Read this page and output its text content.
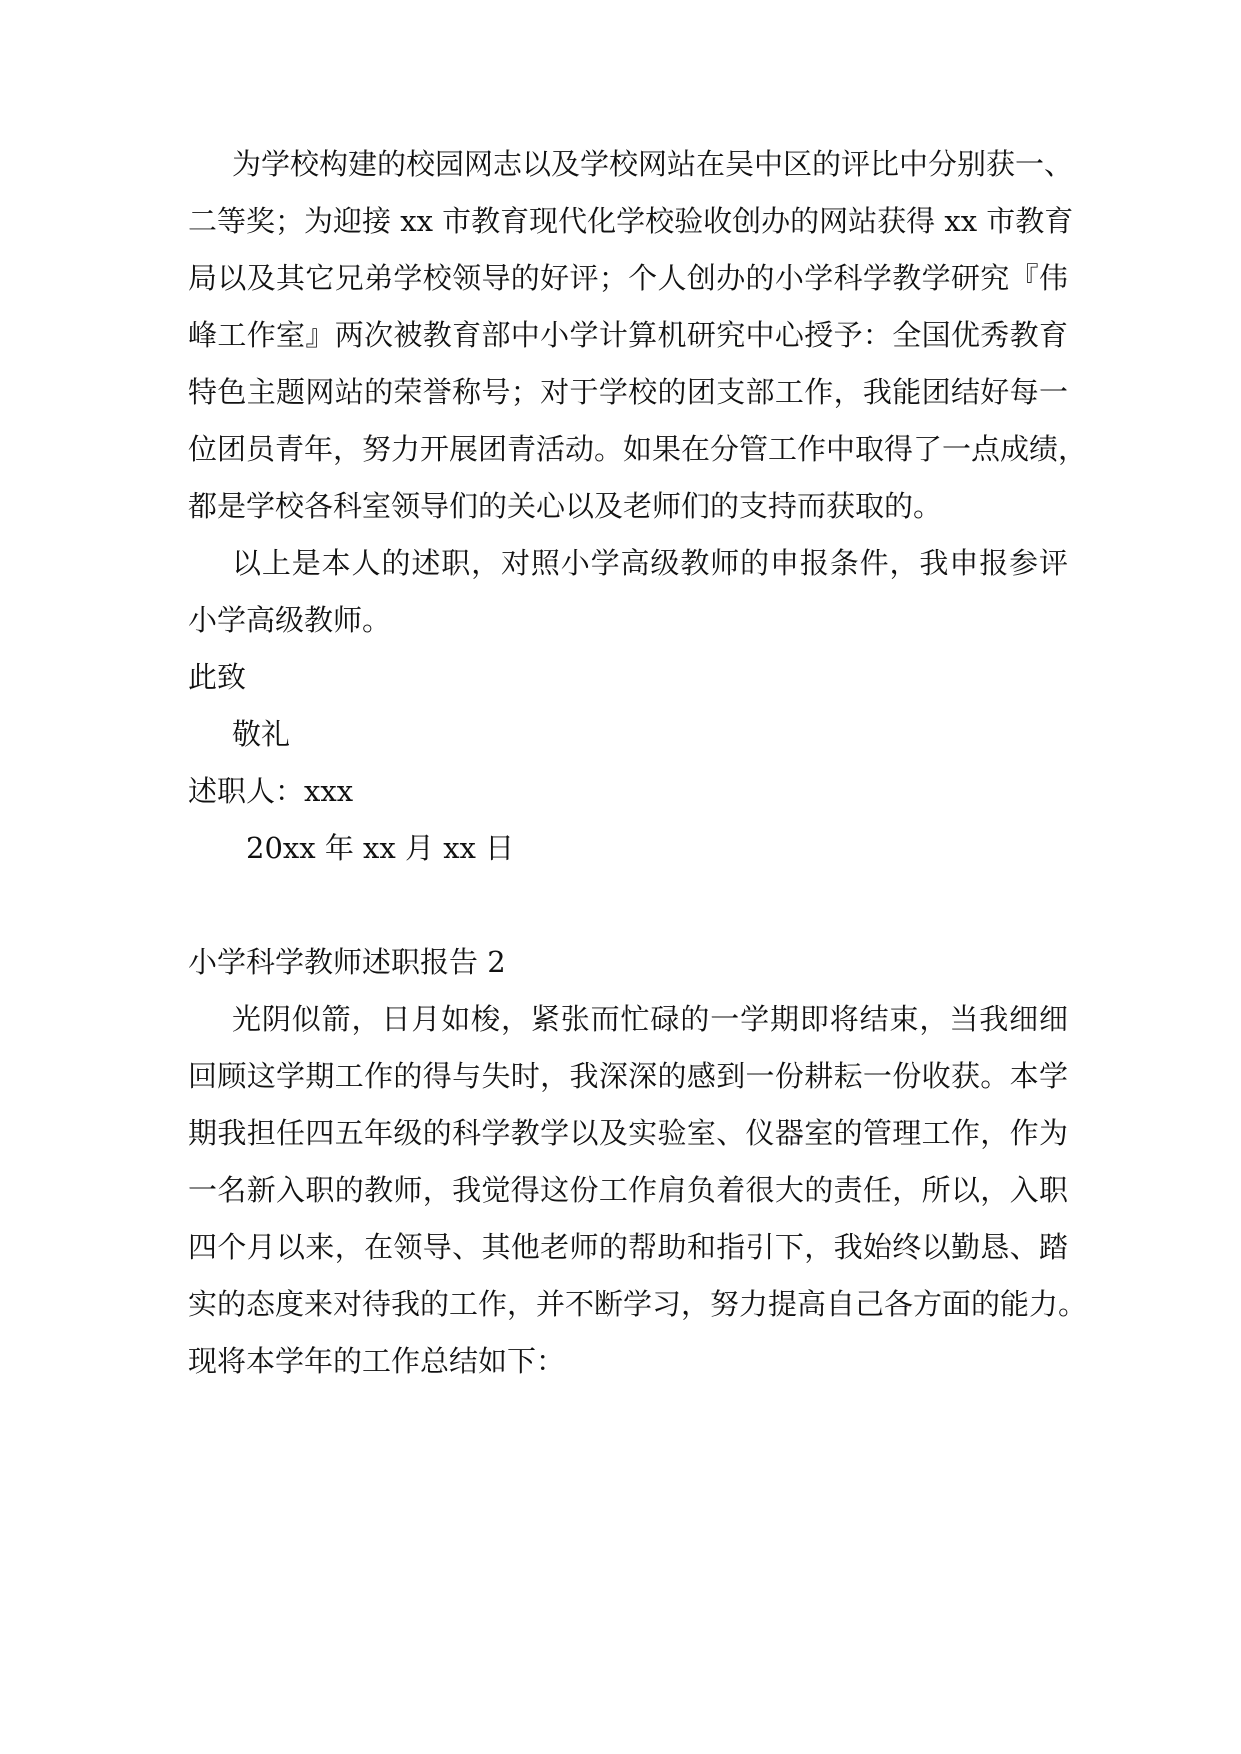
为学校构建的校园网志以及学校网站在吴中区的评比中分别获一、
二等奖；为迎接 xx 市教育现代化学校验收创办的网站获得 xx 市教育
局以及其它兄弟学校领导的好评；个人创办的小学科学教学研究『伟
峰工作室』两次被教育部中小学计算机研究中心授予：全国优秀教育
特色主题网站的荣誉称号；对于学校的团支部工作，我能团结好每一
位团员青年，努力开展团青活动。如果在分管工作中取得了一点成绩，
都是学校各科室领导们的关心以及老师们的支持而获取的。
以上是本人的述职，对照小学高级教师的申报条件，我申报参评
小学高级教师。
此致
敬礼
述职人：xxx
20xx 年 xx 月 xx 日
小学科学教师述职报告 2
光阴似箭，日月如梭，紧张而忙碌的一学期即将结束，当我细细
回顾这学期工作的得与失时，我深深的感到一份耕耘一份收获。本学
期我担任四五年级的科学教学以及实验室、仪器室的管理工作，作为
一名新入职的教师，我觉得这份工作肩负着很大的责任，所以，入职
四个月以来，在领导、其他老师的帮助和指引下，我始终以勤恳、踏
实的态度来对待我的工作，并不断学习，努力提高自己各方面的能力。
现将本学年的工作总结如下：
